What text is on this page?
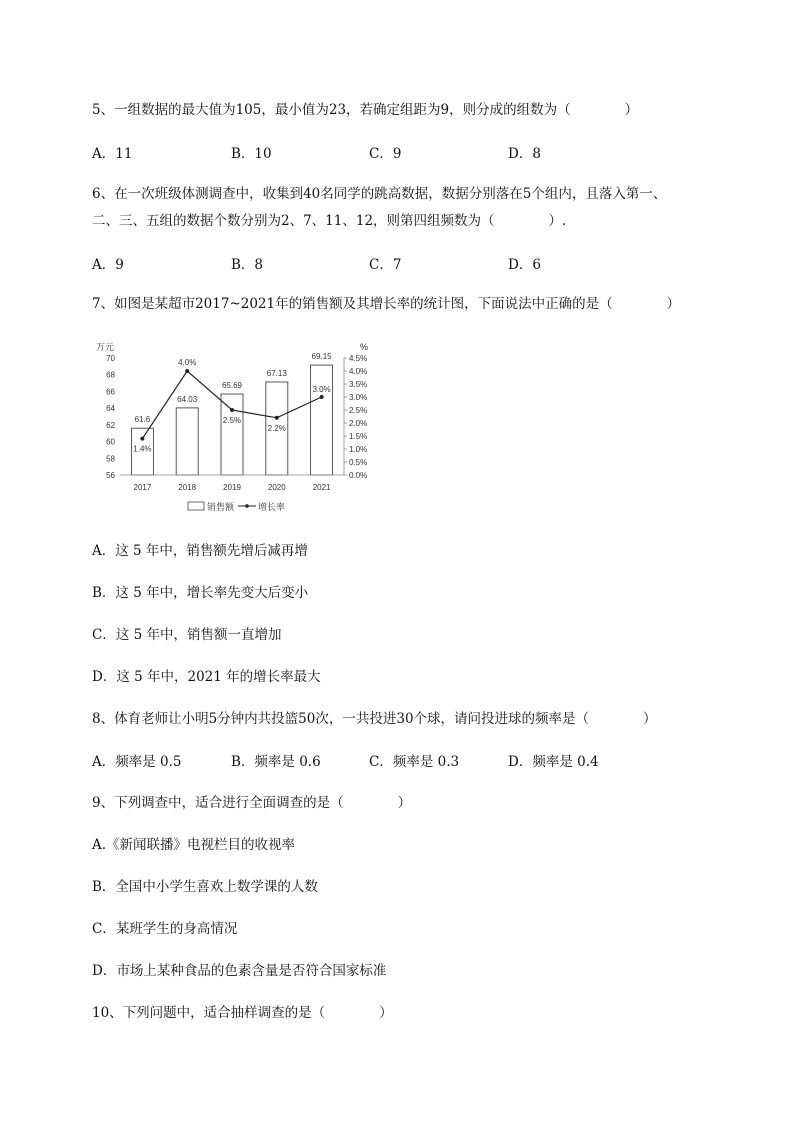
5、一组数据的最大值为105，最小值为23，若确定组距为9，则分成的组数为（　　　　）
A．11	B．10	C．9	D．8
6、在一次班级体测调查中，收集到40名同学的跳高数据，数据分别落在5个组内，且落入第一、
二、三、五组的数据个数分别为2、7、11、12，则第四组频数为（　　　　）.
A．9	B．8	C．7	D．6
7、如图是某超市2017~2021年的销售额及其增长率的统计图，下面说法中正确的是（　　　　）
万元	%
56
58
60
62
64
66
68
70
0.0%
0.5%
1.0%
1.5%
2.0%
2.5%
3.0%
3.5%
4.0%
4.5%
61.6
64.03
65.69
67.13
69.15
1.4%
4.0%
2.5%
2.2%
3.0%
2017	2018	2019	2020	2021
销售额	增长率
A．这 5 年中，销售额先增后减再增
B．这 5 年中，增长率先变大后变小
C．这 5 年中，销售额一直增加
D．这 5 年中，2021 年的增长率最大
8、体育老师让小明5分钟内共投篮50次，一共投进30个球，请问投进球的频率是（　　　　）
A．频率是 0.5	B．频率是 0.6	C．频率是 0.3	D．频率是 0.4
9、下列调查中，适合进行全面调查的是（　　　　）
A.《新闻联播》电视栏目的收视率
B．全国中小学生喜欢上数学课的人数
C．某班学生的身高情况
D．市场上某种食品的色素含量是否符合国家标准
10、下列问题中，适合抽样调查的是（　　　　）
